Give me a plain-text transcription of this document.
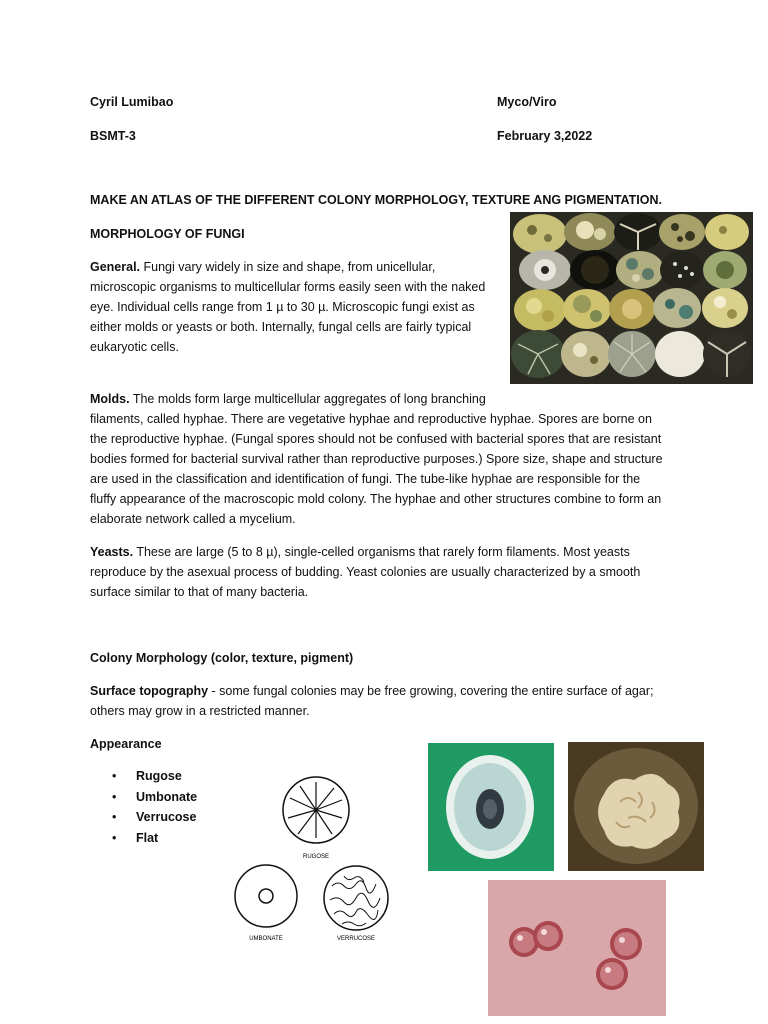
Cyril Lumibao	Myco/Viro
BSMT-3	February 3,2022
MAKE AN ATLAS OF THE DIFFERENT COLONY MORPHOLOGY, TEXTURE ANG PIGMENTATION.
MORPHOLOGY OF FUNGI

General. Fungi vary widely in size and shape, from unicellular,

microscopic organisms to multicellular forms easily seen with the naked

eye. Individual cells range from 1 µ to 30 µ. Microscopic fungi exist as

either molds or yeasts or both. Internally, fungal cells are fairly typical

eukaryotic cells.

Molds. The molds form large multicellular aggregates of long branching

filaments, called hyphae. There are vegetative hyphae and reproductive hyphae. Spores are borne on

the reproductive hyphae. (Fungal spores should not be confused with bacterial spores that are resistant

bodies formed for bacterial survival rather than reproductive purposes.) Spore size, shape and structure

are used in the classification and identification of fungi. The tube-like hyphae are responsible for the

fluffy appearance of the macroscopic mold colony. The hyphae and other structures combine to form an

elaborate network called a mycelium.

Yeasts. These are large (5 to 8 µ), single-celled organisms that rarely form filaments. Most yeasts

reproduce by the asexual process of budding. Yeast colonies are usually characterized by a smooth

surface similar to that of many bacteria.

Colony Morphology (color, texture, pigment)

Surface topography - some fungal colonies may be free growing, covering the entire surface of agar;

others may grow in a restricted manner.

Appearance
• Rugose
• Umbonate
• Verrucose
• Flat
RUGOSE
UMBONATE	VERRUCOSE
